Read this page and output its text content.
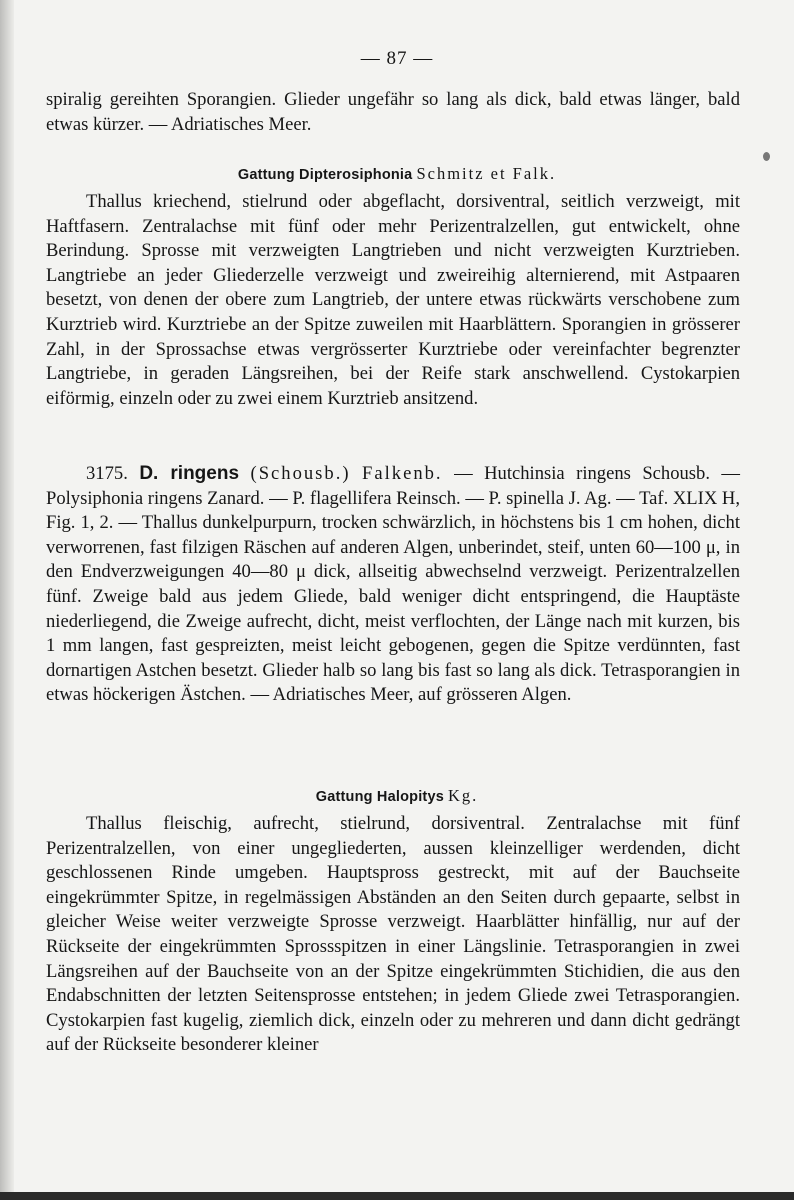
— 87 —

spiralig gereihten Sporangien. Glieder ungefähr so lang als dick, bald etwas länger, bald etwas kürzer. — Adriatisches Meer.

Gattung Dipterosiphonia Schmitz et Falk.

Thallus kriechend, stielrund oder abgeflacht, dorsiventral, seitlich verzweigt, mit Haftfasern. Zentralachse mit fünf oder mehr Perizentralzellen, gut entwickelt, ohne Berindung. Sprosse mit verzweigten Langtrieben und nicht verzweigten Kurztrieben. Langtriebe an jeder Gliederzelle verzweigt und zweireihig alternierend, mit Astpaaren besetzt, von denen der obere zum Langtrieb, der untere etwas rückwärts verschobene zum Kurztrieb wird. Kurztriebe an der Spitze zuweilen mit Haarblättern. Sporangien in grösserer Zahl, in der Sprossachse etwas vergrösserter Kurztriebe oder vereinfachter begrenzter Langtriebe, in geraden Längsreihen, bei der Reife stark anschwellend. Cystokarpien eiförmig, einzeln oder zu zwei einem Kurztrieb ansitzend.

3175. D. ringens (Schousb.) Falkenb. — Hutchinsia ringens Schousb. — Polysiphonia ringens Zanard. — P. flagellifera Reinsch. — P. spinella J. Ag. — Taf. XLIX H, Fig. 1, 2. — Thallus dunkelpurpurn, trocken schwärzlich, in höchstens bis 1 cm hohen, dicht verworrenen, fast filzigen Räschen auf anderen Algen, unberindet, steif, unten 60—100 μ, in den Endverzweigungen 40—80 μ dick, allseitig abwechselnd verzweigt. Perizentralzellen fünf. Zweige bald aus jedem Gliede, bald weniger dicht entspringend, die Hauptäste niederliegend, die Zweige aufrecht, dicht, meist verflochten, der Länge nach mit kurzen, bis 1 mm langen, fast gespreizten, meist leicht gebogenen, gegen die Spitze verdünnten, fast dornartigen Astchen besetzt. Glieder halb so lang bis fast so lang als dick. Tetrasporangien in etwas höckerigen Ästchen. — Adriatisches Meer, auf grösseren Algen.

Gattung Halopitys Kg.

Thallus fleischig, aufrecht, stielrund, dorsiventral. Zentralachse mit fünf Perizentralzellen, von einer ungegliederten, aussen kleinzelliger werdenden, dicht geschlossenen Rinde umgeben. Hauptspross gestreckt, mit auf der Bauchseite eingekrümmter Spitze, in regelmässigen Abständen an den Seiten durch gepaarte, selbst in gleicher Weise weiter verzweigte Sprosse verzweigt. Haarblätter hinfällig, nur auf der Rückseite der eingekrümmten Sprossspitzen in einer Längslinie. Tetrasporangien in zwei Längsreihen auf der Bauchseite von an der Spitze eingekrümmten Stichidien, die aus den Endabschnitten der letzten Seitensprosse entstehen; in jedem Gliede zwei Tetrasporangien. Cystokarpien fast kugelig, ziemlich dick, einzeln oder zu mehreren und dann dicht gedrängt auf der Rückseite besonderer kleiner
